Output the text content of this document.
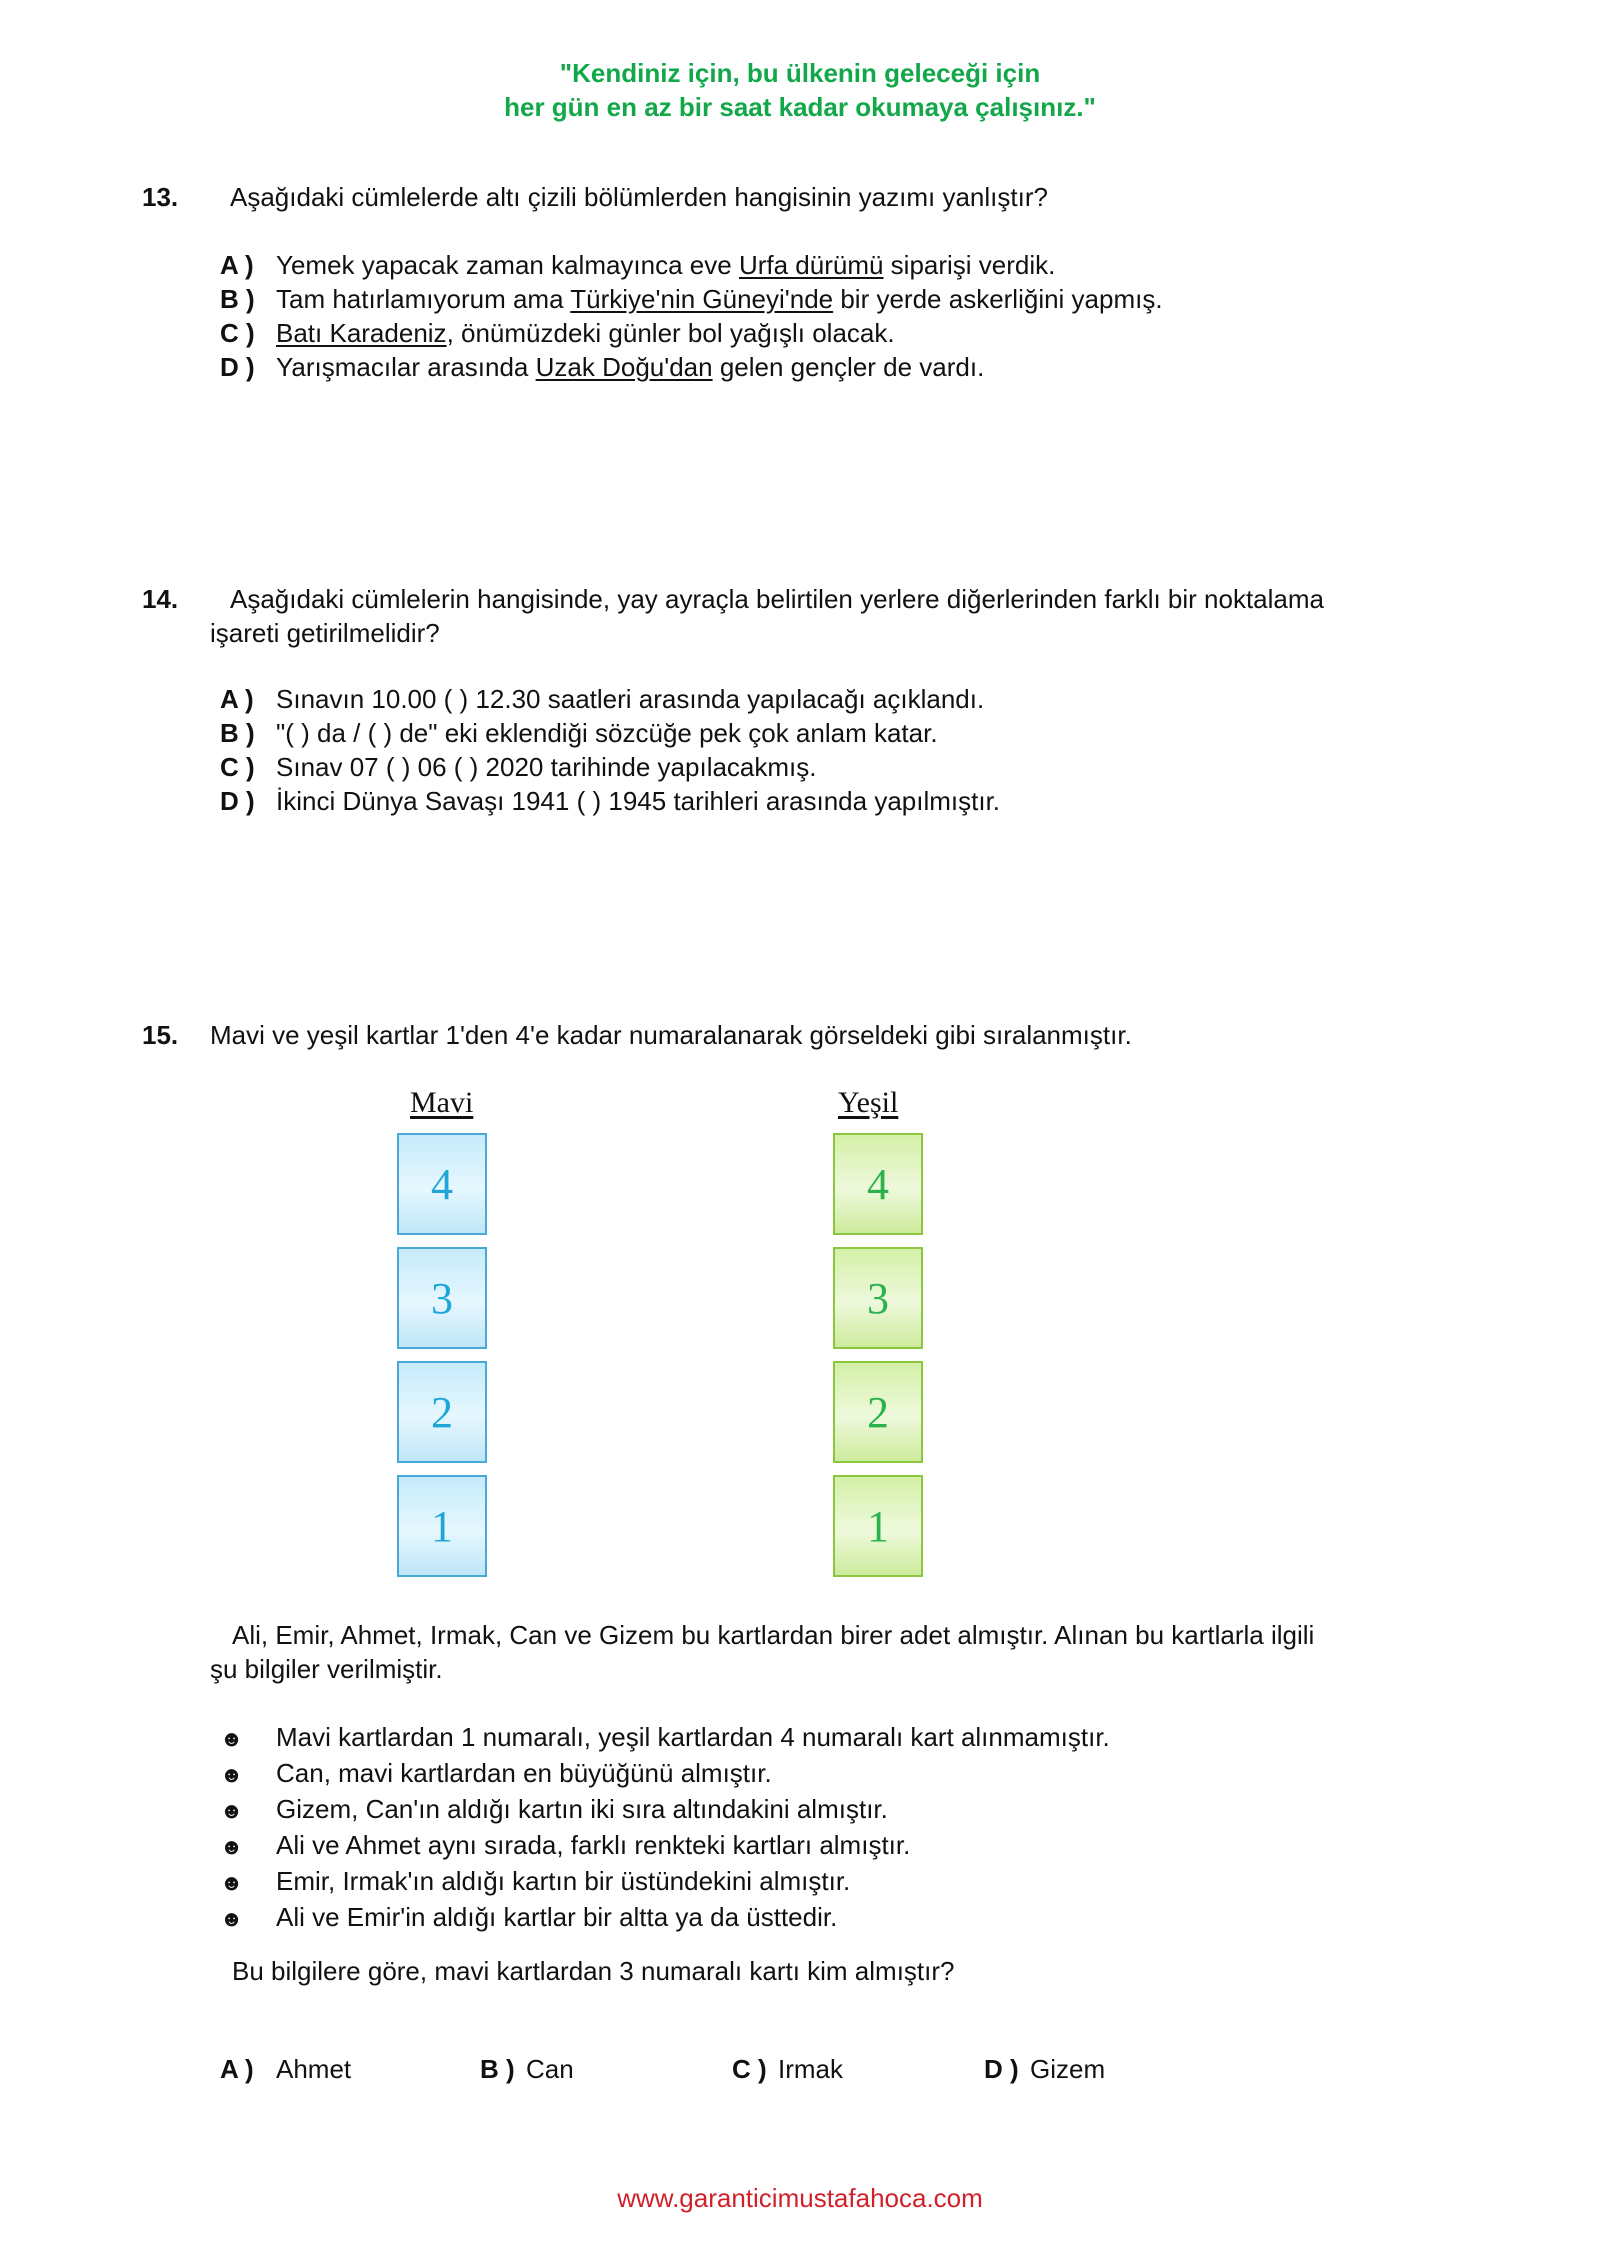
"Kendiniz için, bu ülkenin geleceği için
her gün en az bir saat kadar okumaya çalışınız."
13. Aşağıdaki cümlelerde altı çizili bölümlerden hangisinin yazımı yanlıştır?
A ) Yemek yapacak zaman kalmayınca eve Urfa dürümü siparişi verdik.
B ) Tam hatırlamıyorum ama Türkiye'nin Güneyi'nde bir yerde askerliğini yapmış.
C ) Batı Karadeniz, önümüzdeki günler bol yağışlı olacak.
D ) Yarışmacılar arasında Uzak Doğu'dan gelen gençler de vardı.
14. Aşağıdaki cümlelerin hangisinde, yay ayraçla belirtilen yerlere diğerlerinden farklı bir noktalama
işareti getirilmelidir?
A ) Sınavın 10.00 ( ) 12.30 saatleri arasında yapılacağı açıklandı.
B ) "( ) da / ( ) de" eki eklendiği sözcüğe pek çok anlam katar.
C ) Sınav 07 ( ) 06 ( ) 2020 tarihinde yapılacakmış.
D ) İkinci Dünya Savaşı 1941 ( ) 1945 tarihleri arasında yapılmıştır.
15. Mavi ve yeşil kartlar 1'den 4'e kadar numaralanarak görseldeki gibi sıralanmıştır.
Mavi	Yeşil
4
3
2
1
4
3
2
1
Ali, Emir, Ahmet, Irmak, Can ve Gizem bu kartlardan birer adet almıştır. Alınan bu kartlarla ilgili
şu bilgiler verilmiştir.
☻ Mavi kartlardan 1 numaralı, yeşil kartlardan 4 numaralı kart alınmamıştır.
☻ Can, mavi kartlardan en büyüğünü almıştır.
☻ Gizem, Can'ın aldığı kartın iki sıra altındakini almıştır.
☻ Ali ve Ahmet aynı sırada, farklı renkteki kartları almıştır.
☻ Emir, Irmak'ın aldığı kartın bir üstündekini almıştır.
☻ Ali ve Emir'in aldığı kartlar bir altta ya da üsttedir.
Bu bilgilere göre, mavi kartlardan 3 numaralı kartı kim almıştır?
A ) Ahmet	B ) Can	C ) Irmak	D ) Gizem
www.garanticimustafahoca.com
